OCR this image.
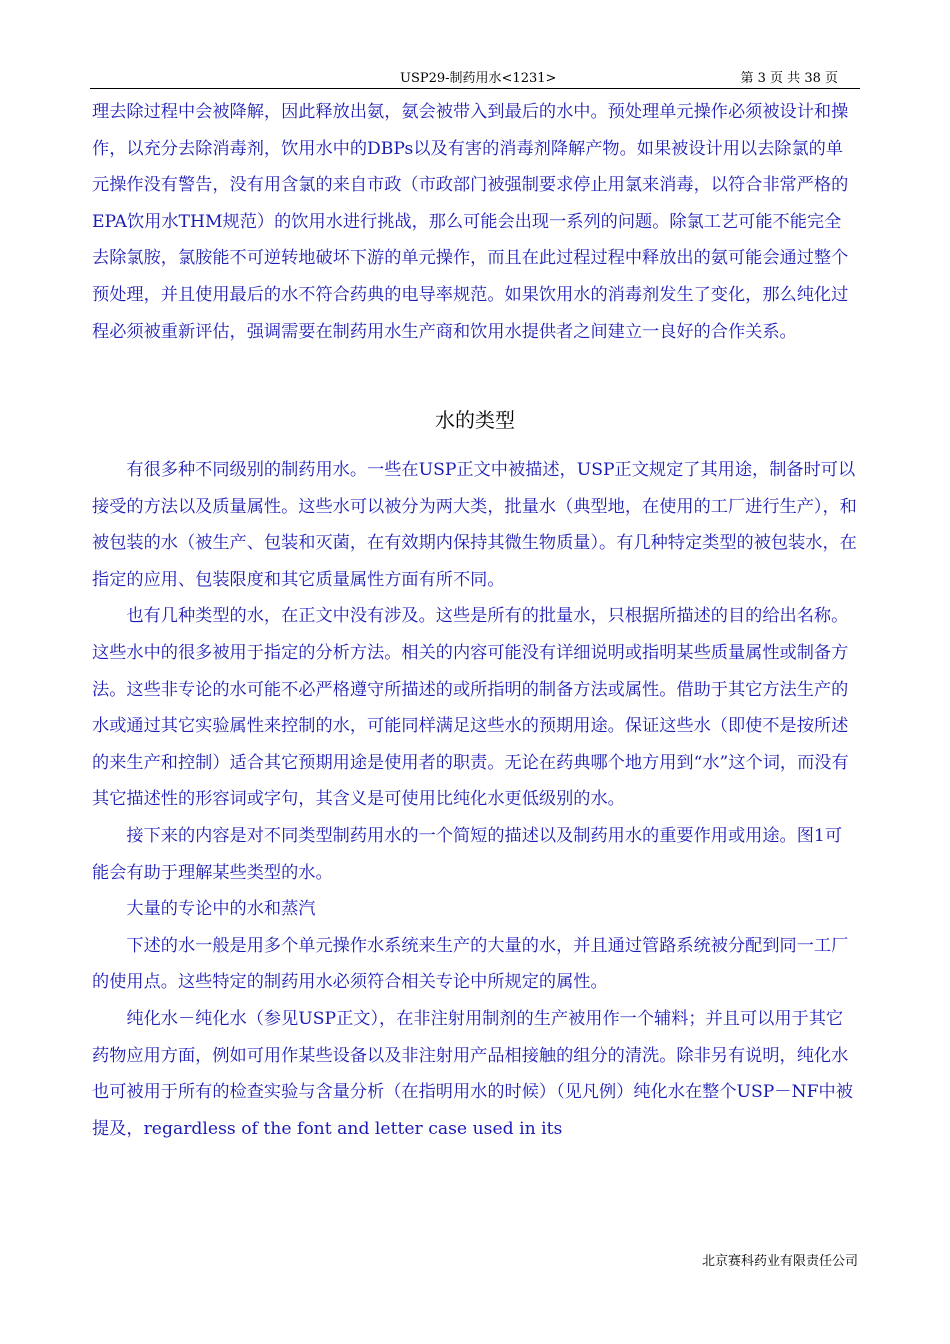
USP29-制药用水<1231>	第 3 页 共 38 页

理去除过程中会被降解，因此释放出氨，氨会被带入到最后的水中。预处理单元操作必须被设计和操作，以充分去除消毒剂，饮用水中的DBPs以及有害的消毒剂降解产物。如果被设计用以去除氯的单元操作没有警告，没有用含氯的来自市政（市政部门被强制要求停止用氯来消毒，以符合非常严格的EPA饮用水THM规范）的饮用水进行挑战，那么可能会出现一系列的问题。除氯工艺可能不能完全去除氯胺，氯胺能不可逆转地破坏下游的单元操作，而且在此过程过程中释放出的氨可能会通过整个预处理，并且使用最后的水不符合药典的电导率规范。如果饮用水的消毒剂发生了变化，那么纯化过程必须被重新评估，强调需要在制药用水生产商和饮用水提供者之间建立一良好的合作关系。

水的类型

有很多种不同级别的制药用水。一些在USP正文中被描述，USP正文规定了其用途，制备时可以接受的方法以及质量属性。这些水可以被分为两大类，批量水（典型地，在使用的工厂进行生产），和被包装的水（被生产、包装和灭菌，在有效期内保持其微生物质量）。有几种特定类型的被包装水，在指定的应用、包装限度和其它质量属性方面有所不同。

也有几种类型的水，在正文中没有涉及。这些是所有的批量水，只根据所描述的目的给出名称。这些水中的很多被用于指定的分析方法。相关的内容可能没有详细说明或指明某些质量属性或制备方法。这些非专论的水可能不必严格遵守所描述的或所指明的制备方法或属性。借助于其它方法生产的水或通过其它实验属性来控制的水，可能同样满足这些水的预期用途。保证这些水（即使不是按所述的来生产和控制）适合其它预期用途是使用者的职责。无论在药典哪个地方用到“水”这个词，而没有其它描述性的形容词或字句，其含义是可使用比纯化水更低级别的水。

接下来的内容是对不同类型制药用水的一个简短的描述以及制药用水的重要作用或用途。图1可能会有助于理解某些类型的水。

大量的专论中的水和蒸汽

下述的水一般是用多个单元操作水系统来生产的大量的水，并且通过管路系统被分配到同一工厂的使用点。这些特定的制药用水必须符合相关专论中所规定的属性。

纯化水－纯化水（参见USP正文），在非注射用制剂的生产被用作一个辅料；并且可以用于其它药物应用方面，例如可用作某些设备以及非注射用产品相接触的组分的清洗。除非另有说明，纯化水也可被用于所有的检查实验与含量分析（在指明用水的时候）（见凡例）纯化水在整个USP－NF中被提及，regardless of the font and letter case used in its

北京赛科药业有限责任公司
